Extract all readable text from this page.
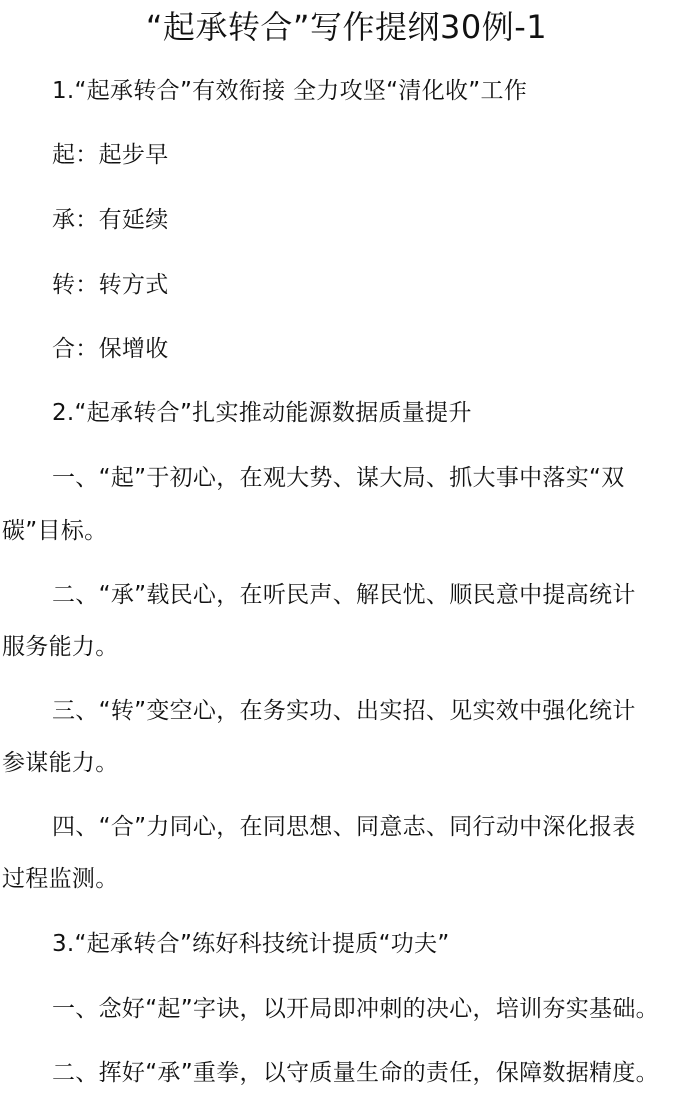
“起承转合”写作提纲30例-1
1.“起承转合”有效衔接 全力攻坚“清化收”工作
起：起步早
承：有延续
转：转方式
合：保增收
2.“起承转合”扎实推动能源数据质量提升
一、“起”于初心，在观大势、谋大局、抓大事中落实“双
碳”目标。
二、“承”载民心，在听民声、解民忧、顺民意中提高统计
服务能力。
三、“转”变空心，在务实功、出实招、见实效中强化统计
参谋能力。
四、“合”力同心，在同思想、同意志、同行动中深化报表
过程监测。
3.“起承转合”练好科技统计提质“功夫”
一、念好“起”字诀，以开局即冲刺的决心，培训夯实基础。
二、挥好“承”重拳，以守质量生命的责任，保障数据精度。
